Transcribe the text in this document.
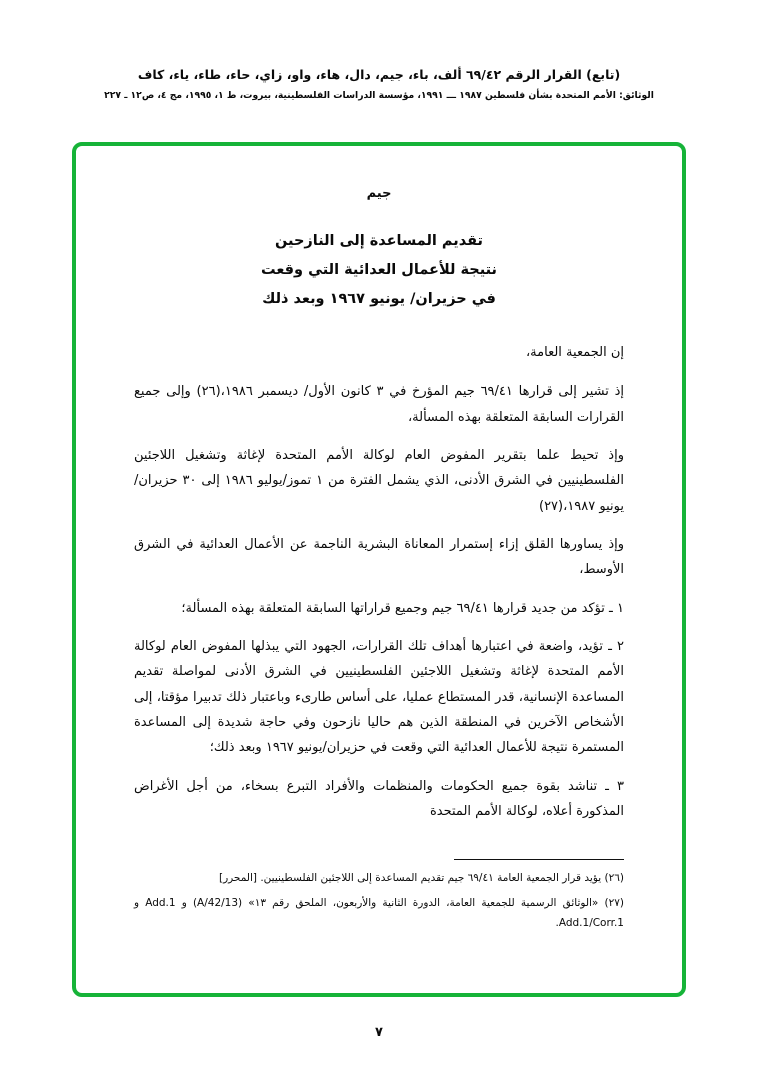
(تابع) القرار الرقم ٦٩/٤٢ ألف، باء، جيم، دال، هاء، واو، زاي، حاء، طاء، ياء، كاف
الوثائق: الأمم المتحدة بشأن فلسطين ١٩٨٧ ـــ ١٩٩١، مؤسسة الدراسات الفلسطينية، بيروت، ط ١، ١٩٩٥، مج ٤، ص١٢ ـ ٢٢٧
جيم
تقديم المساعدة إلى النازحين
نتيجة للأعمال العدائية التي وقعت
في حزيران/ يونيو ١٩٦٧ وبعد ذلك

إن الجمعية العامة،

إذ تشير إلى قرارها ٦٩/٤١ جيم المؤرخ في ٣ كانون الأول/ ديسمبر ١٩٨٦،(٢٦) وإلى جميع القرارات السابقة المتعلقة بهذه المسألة،

وإذ تحيط علما بتقرير المفوض العام لوكالة الأمم المتحدة لإغاثة وتشغيل اللاجئين الفلسطينيين في الشرق الأدنى، الذي يشمل الفترة من ١ تموز/يوليو ١٩٨٦ إلى ٣٠ حزيران/يونيو ١٩٨٧،(٢٧)

وإذ يساورها القلق إزاء إستمرار المعاناة البشرية الناجمة عن الأعمال العدائية في الشرق الأوسط،

١ ـ تؤكد من جديد قرارها ٦٩/٤١ جيم وجميع قراراتها السابقة المتعلقة بهذه المسألة؛

٢ ـ تؤيد، واضعة في اعتبارها أهداف تلك القرارات، الجهود التي يبذلها المفوض العام لوكالة الأمم المتحدة لإغاثة وتشغيل اللاجئين الفلسطينيين في الشرق الأدنى لمواصلة تقديم المساعدة الإنسانية، قدر المستطاع عمليا، على أساس طارىء وباعتبار ذلك تدبيرا مؤقتا، إلى الأشخاص الآخرين في المنطقة الذين هم حاليا نازحون وفي حاجة شديدة إلى المساعدة المستمرة نتيجة للأعمال العدائية التي وقعت في حزيران/يونيو ١٩٦٧ وبعد ذلك؛

٣ ـ تناشد بقوة جميع الحكومات والمنظمات والأفراد التبرع بسخاء، من أجل الأغراض المذكورة أعلاه، لوكالة الأمم المتحدة

(٢٦) يؤيد قرار الجمعية العامة ٦٩/٤١ جيم تقديم المساعدة إلى اللاجئين الفلسطينيين. [المحرر]
(٢٧) «الوثائق الرسمية للجمعية العامة، الدورة الثانية والأربعون، الملحق رقم ١٣» (A/42/13) و Add.1 و Add.1/Corr.1.
٧
